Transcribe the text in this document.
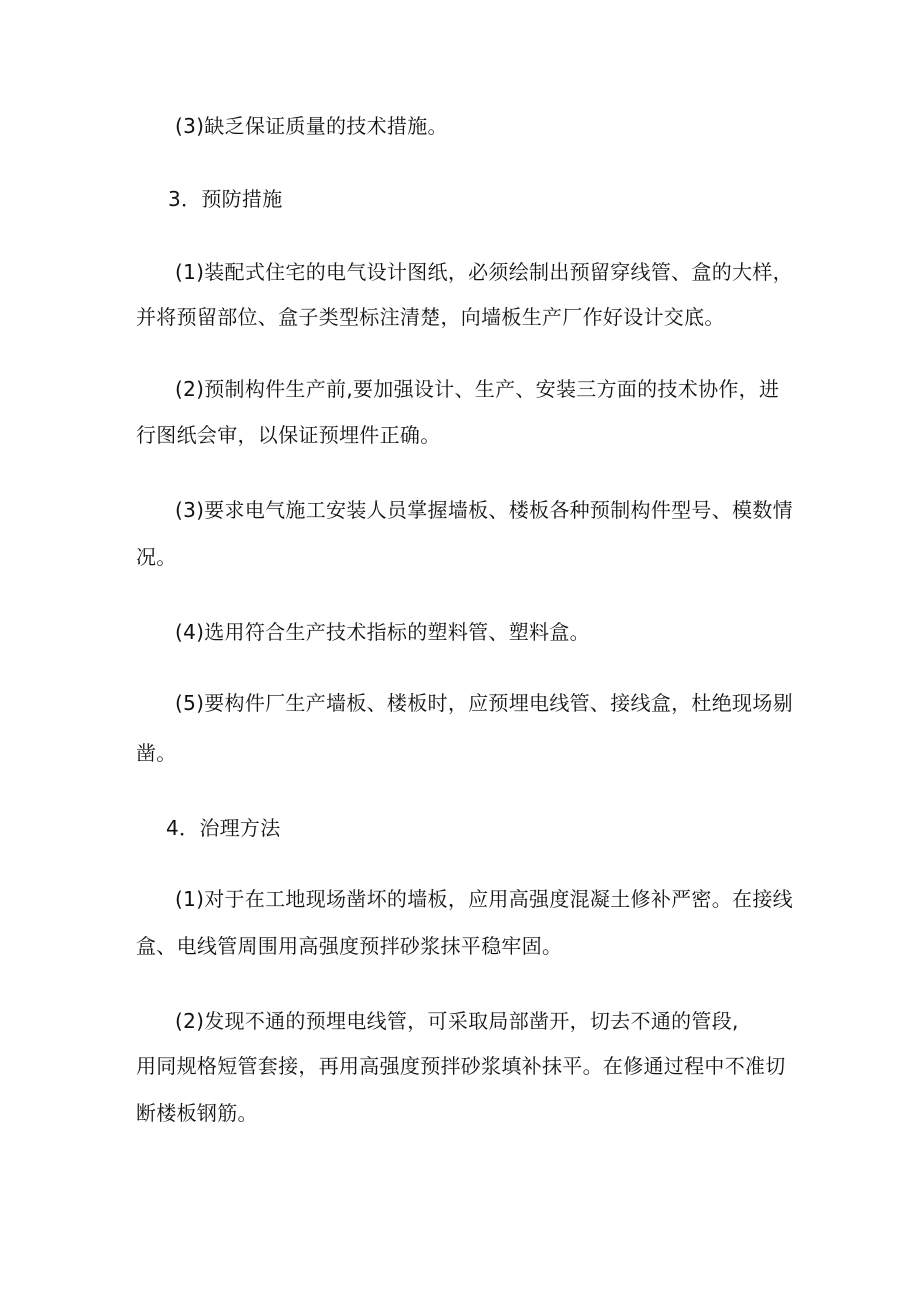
(3)缺乏保证质量的技术措施。
3．预防措施
(1)装配式住宅的电气设计图纸，必须绘制出预留穿线管、盒的大样，
并将预留部位、盒子类型标注清楚，向墙板生产厂作好设计交底。
(2)预制构件生产前,要加强设计、生产、安装三方面的技术协作，进
行图纸会审，以保证预埋件正确。
(3)要求电气施工安装人员掌握墙板、楼板各种预制构件型号、模数情
况。
(4)选用符合生产技术指标的塑料管、塑料盒。
(5)要构件厂生产墙板、楼板时，应预埋电线管、接线盒，杜绝现场剔
凿。
4．治理方法
(1)对于在工地现场凿坏的墙板，应用高强度混凝土修补严密。在接线
盒、电线管周围用高强度预拌砂浆抹平稳牢固。
(2)发现不通的预埋电线管，可采取局部凿开，切去不通的管段,
用同规格短管套接，再用高强度预拌砂浆填补抹平。在修通过程中不准切
断楼板钢筋。
